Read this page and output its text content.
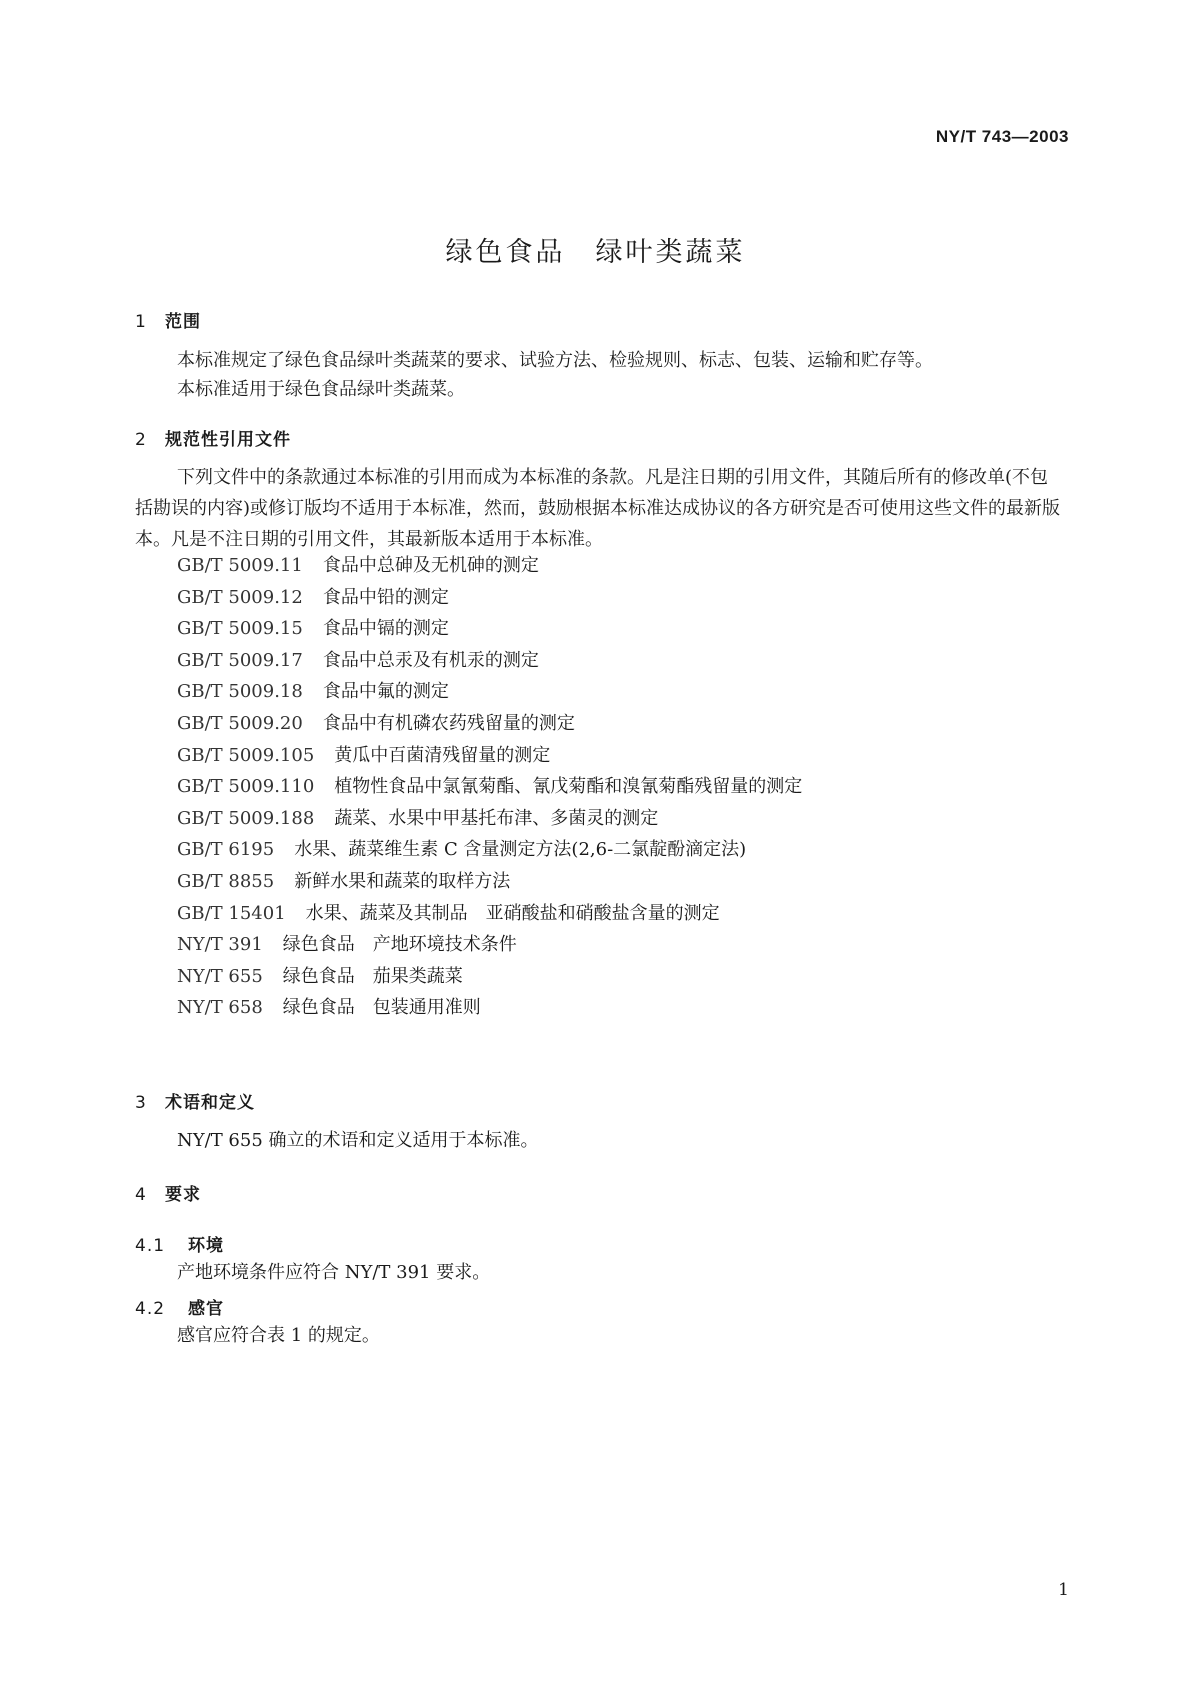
NY/T 743—2003
绿色食品　绿叶类蔬菜
1 范围

本标准规定了绿色食品绿叶类蔬菜的要求、试验方法、检验规则、标志、包装、运输和贮存等。

本标准适用于绿色食品绿叶类蔬菜。

2 规范性引用文件

下列文件中的条款通过本标准的引用而成为本标准的条款。凡是注日期的引用文件，其随后所有的修改单(不包括勘误的内容)或修订版均不适用于本标准，然而，鼓励根据本标准达成协议的各方研究是否可使用这些文件的最新版本。凡是不注日期的引用文件，其最新版本适用于本标准。

GB/T 5009.11 食品中总砷及无机砷的测定
GB/T 5009.12 食品中铅的测定
GB/T 5009.15 食品中镉的测定
GB/T 5009.17 食品中总汞及有机汞的测定
GB/T 5009.18 食品中氟的测定
GB/T 5009.20 食品中有机磷农药残留量的测定
GB/T 5009.105 黄瓜中百菌清残留量的测定
GB/T 5009.110 植物性食品中氯氰菊酯、氰戊菊酯和溴氰菊酯残留量的测定
GB/T 5009.188 蔬菜、水果中甲基托布津、多菌灵的测定
GB/T 6195 水果、蔬菜维生素 C 含量测定方法(2,6-二氯靛酚滴定法)
GB/T 8855 新鲜水果和蔬菜的取样方法
GB/T 15401 水果、蔬菜及其制品　亚硝酸盐和硝酸盐含量的测定
NY/T 391 绿色食品　产地环境技术条件
NY/T 655 绿色食品　茄果类蔬菜
NY/T 658 绿色食品　包装通用准则
3 术语和定义

NY/T 655 确立的术语和定义适用于本标准。

4 要求
4.1 环境

产地环境条件应符合 NY/T 391 要求。

4.2 感官

感官应符合表 1 的规定。

1
